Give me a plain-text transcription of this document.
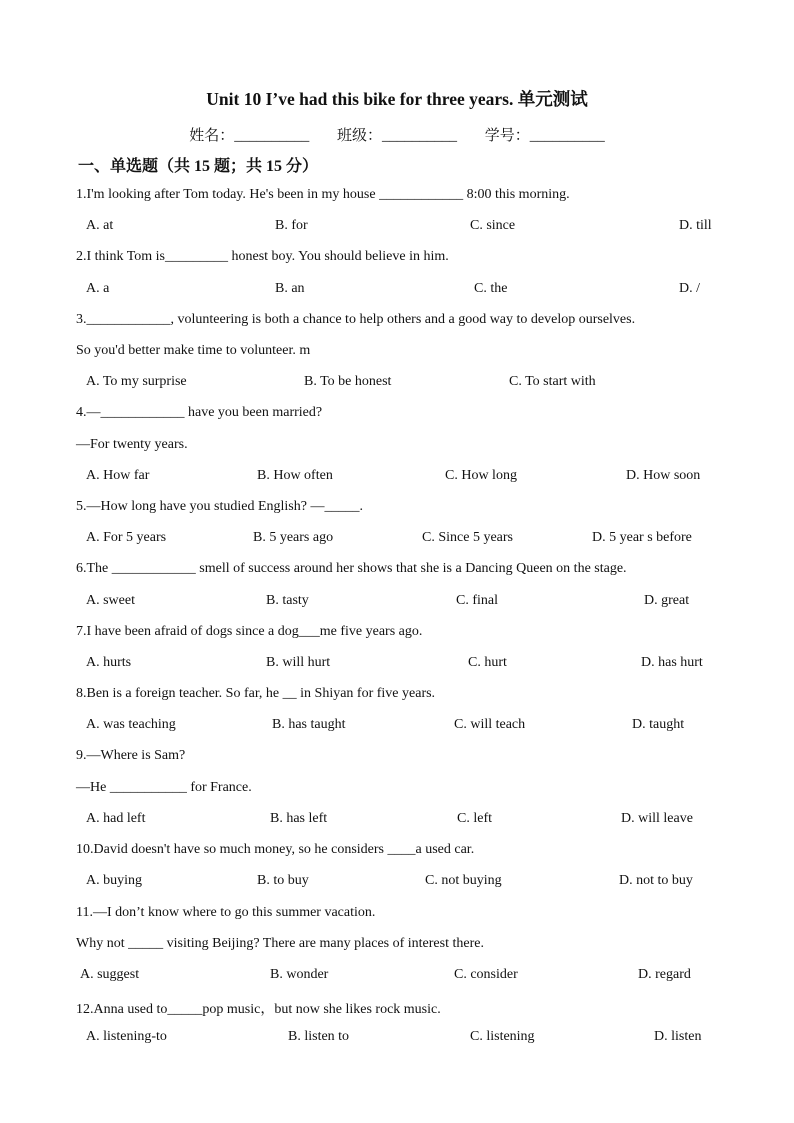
Unit 10 I’ve had this bike for three years. 单元测试
姓名：__________ 班级：__________ 学号：__________
一、单选题（共 15 题；共 15 分）
1.I'm looking after Tom today. He's been in my house ____________ 8:00 this morning.
A. at	B. for	C. since	D. till
2.I think Tom is_________ honest boy. You should believe in him.
A. a	B. an	C. the	D. /
3.____________, volunteering is both a chance to help others and a good way to develop ourselves.
So you'd better make time to volunteer. m
A. To my surprise	B. To be honest	C. To start with
4.—____________ have you been married?
—For twenty years.
A. How far	B. How often	C. How long	D. How soon
5.—How long have you studied English? —_____.
A. For 5 years	B. 5 years ago	C. Since 5 years	D. 5 year s before
6.The ____________ smell of success around her shows that she is a Dancing Queen on the stage.
A. sweet	B. tasty	C. final	D. great
7.I have been afraid of dogs since a dog___me five years ago.
A. hurts	B. will hurt	C. hurt	D. has hurt
8.Ben is a foreign teacher. So far, he __ in Shiyan for five years.
A. was teaching	B. has taught	C. will teach	D. taught
9.—Where is Sam?
—He ___________ for France.
A. had left	B. has left	C. left	D. will leave
10.David doesn't have so much money, so he considers ____a used car.
A. buying	B. to buy	C. not buying	D. not to buy
11.—I don’t know where to go this summer vacation.
Why not _____ visiting Beijing? There are many places of interest there.
A. suggest	B. wonder	C. consider	D. regard
12.Anna used to_____pop music，but now she likes rock music.
A. listening-to	B. listen to	C. listening	D. listen
